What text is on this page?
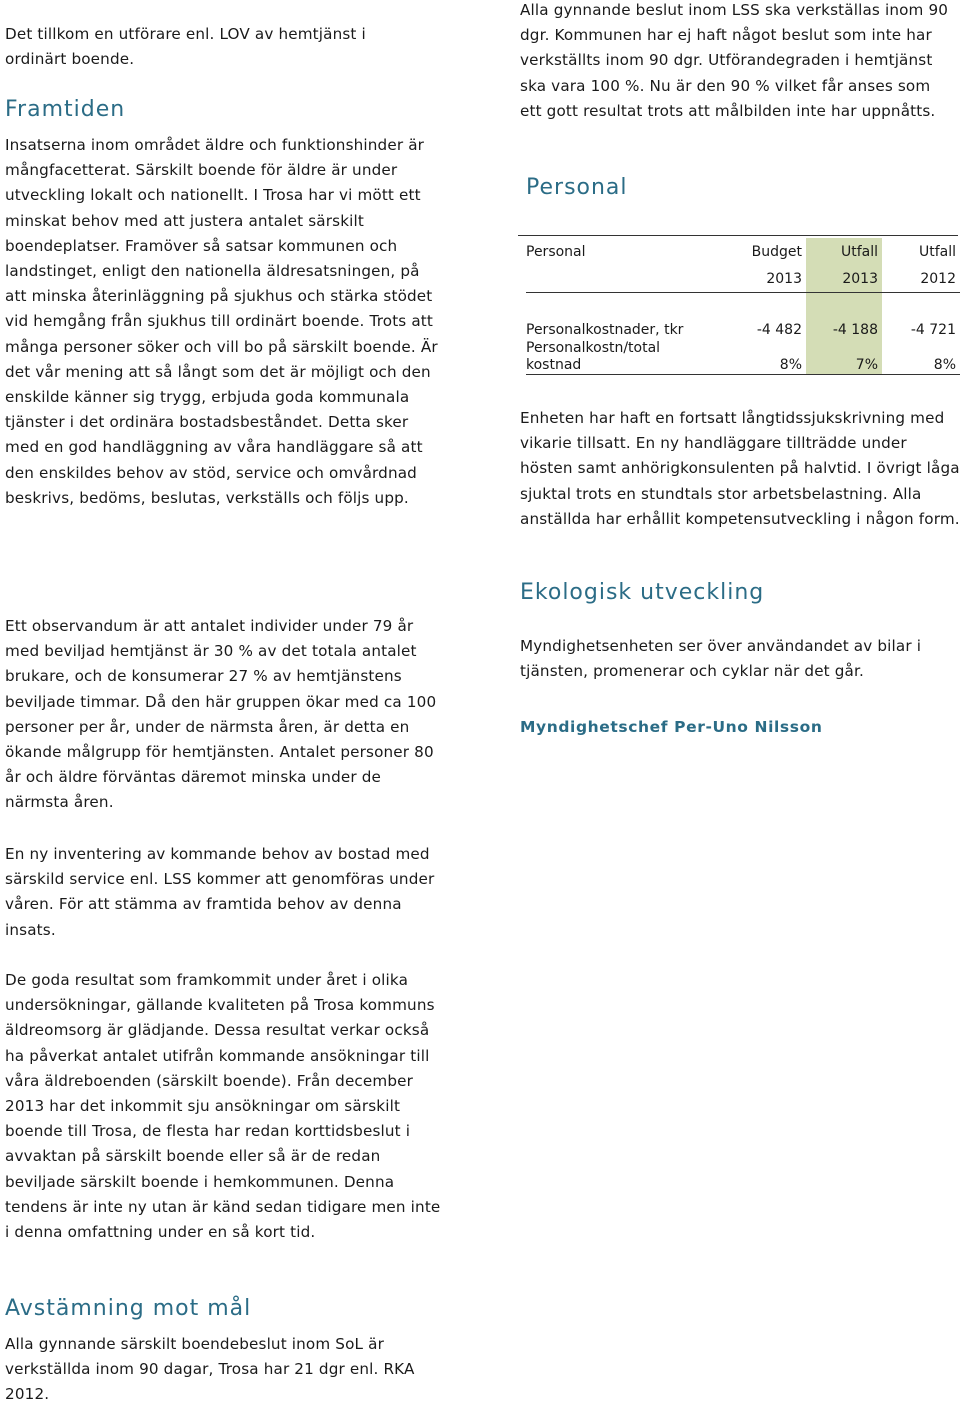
Det tillkom en utförare enl. LOV av hemtjänst i ordinärt boende.

Framtiden

Insatserna inom området äldre och funktionshinder är mångfacetterat. Särskilt boende för äldre är under utveckling lokalt och nationellt. I Trosa har vi mött ett minskat behov med att justera antalet särskilt boendeplatser. Framöver så satsar kommunen och landstinget, enligt den nationella äldresatsningen, på att minska återinläggning på sjukhus och stärka stödet vid hemgång från sjukhus till ordinärt boende. Trots att många personer söker och vill bo på särskilt boende. Är det vår mening att så långt som det är möjligt och den enskilde känner sig trygg, erbjuda goda kommunala tjänster i det ordinära bostadsbeståndet. Detta sker med en god handläggning av våra handläggare så att den enskildes behov av stöd, service och omvårdnad beskrivs, bedöms, beslutas, verkställs och följs upp.

Ett observandum är att antalet individer under 79 år med beviljad hemtjänst är 30 % av det totala antalet brukare, och de konsumerar 27 % av hemtjänstens beviljade timmar. Då den här gruppen ökar med ca 100 personer per år, under de närmsta åren, är detta en ökande målgrupp för hemtjänsten. Antalet personer 80 år och äldre förväntas däremot minska under de närmsta åren.

En ny inventering av kommande behov av bostad med särskild service enl. LSS kommer att genomföras under våren. För att stämma av framtida behov av denna insats.

De goda resultat som framkommit under året i olika undersökningar, gällande kvaliteten på Trosa kommuns äldreomsorg är glädjande. Dessa resultat verkar också ha påverkat antalet utifrån kommande ansökningar till våra äldreboenden (särskilt boende). Från december 2013 har det inkommit sju ansökningar om särskilt boende till Trosa, de flesta har redan korttidsbeslut i avvaktan på särskilt boende eller så är de redan beviljade särskilt boende i hemkommunen. Denna tendens är inte ny utan är känd sedan tidigare men inte i denna omfattning under en så kort tid.

Avstämning mot mål

Alla gynnande särskilt boendebeslut inom SoL är verkställda inom 90 dagar, Trosa har 21 dgr enl. RKA 2012.

Alla gynnande beslut inom LSS ska verkställas inom 90 dgr. Kommunen har ej haft något beslut som inte har verkställts inom 90 dgr. Utförandegraden i hemtjänst ska vara 100 %. Nu är den 90 % vilket får anses som ett gott resultat trots att målbilden inte har uppnåtts.

Personal
Personal	Budget	Utfall	Utfall
	2013	2013	2012

Personalkostnader, tkr	-4 482	-4 188	-4 721

Personalkostn/total
kostnad	8%	7%	8%

Enheten har haft en fortsatt långtidssjukskrivning med vikarie tillsatt. En ny handläggare tillträdde under hösten samt anhörigkonsulenten på halvtid. I övrigt låga sjuktal trots en stundtals stor arbetsbelastning. Alla anställda har erhållit kompetensutveckling i någon form.

Ekologisk utveckling

Myndighetsenheten ser över användandet av bilar i tjänsten, promenerar och cyklar när det går.

Myndighetschef Per-Uno Nilsson
